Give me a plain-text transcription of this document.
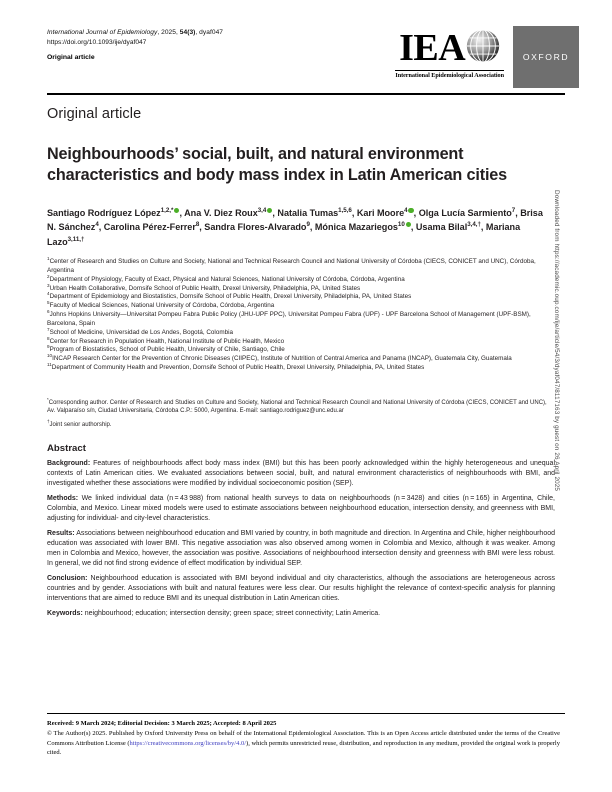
International Journal of Epidemiology, 2025, 54(3), dyaf047
https://doi.org/10.1093/ije/dyaf047
Original article	IEA
International Epidemiological Association
OXFORD
Original article
Neighbourhoods’ social, built, and natural environment characteristics and body mass index in Latin American cities
Santiago Rodríguez López$^{1,2,*}$ , Ana V. Diez Roux$^{3,4}$ , Natalia Tumas$^{1,5,6}$, Kari Moore$^4$ , Olga Lucía Sarmiento$^7$, Brisa N. Sánchez$^4$, Carolina Pérez-Ferrer$^8$, Sandra Flores-Alvarado$^9$, Mónica Mazariegos$^{10}$ , Usama Bilal$^{3,4,\dagger}$, Mariana Lazo$^{3,11,\dagger}$
$^1$Center of Research and Studies on Culture and Society, National and Technical Research Council and National University of Córdoba (CIECS, CONICET and UNC), Córdoba, Argentina
$^2$Department of Physiology, Faculty of Exact, Physical and Natural Sciences, National University of Córdoba, Córdoba, Argentina
$^3$Urban Health Collaborative, Dornsife School of Public Health, Drexel University, Philadelphia, PA, United States
$^4$Department of Epidemiology and Biostatistics, Dornsife School of Public Health, Drexel University, Philadelphia, PA, United States
$^5$Faculty of Medical Sciences, National University of Córdoba, Córdoba, Argentina
$^6$Johns Hopkins University—Universitat Pompeu Fabra Public Policy (JHU-UPF PPC), Universitat Pompeu Fabra (UPF) - UPF Barcelona School of Management (UPF-BSM), Barcelona, Spain
$^7$School of Medicine, Universidad de Los Andes, Bogotá, Colombia
$^8$Center for Research in Population Health, National Institute of Public Health, Mexico
$^9$Program of Biostatistics, School of Public Health, University of Chile, Santiago, Chile
$^{10}$INCAP Research Center for the Prevention of Chronic Diseases (CIIPEC), Institute of Nutrition of Central America and Panama (INCAP), Guatemala City, Guatemala
$^{11}$Department of Community Health and Prevention, Dornsife School of Public Health, Drexel University, Philadelphia, PA, United States
*Corresponding author. Center of Research and Studies on Culture and Society, National and Technical Research Council and National University of Córdoba (CIECS, CONICET and UNC), Av. Valparaíso s/n, Ciudad Universitaria, Córdoba C.P.: 5000, Argentina. E-mail: santiago.rodriguez@unc.edu.ar
†Joint senior authorship.
Abstract

Background: Features of neighbourhoods affect body mass index (BMI) but this has been poorly acknowledged within the highly heterogeneous and unequal contexts of Latin American cities. We evaluated associations between social, built, and natural environment characteristics of neighbourhoods with BMI, and investigated whether these associations were modified by individual socioeconomic position (SEP).

Methods: We linked individual data (n = 43 988) from national health surveys to data on neighbourhoods (n = 3428) and cities (n = 165) in Argentina, Chile, Colombia, and Mexico. Linear mixed models were used to estimate associations between neighbourhood education, intersection density, and greenness with BMI, adjusting for individual- and city-level characteristics.

Results: Associations between neighbourhood education and BMI varied by country, in both magnitude and direction. In Argentina and Chile, higher neighbourhood education was associated with lower BMI. This negative association was also observed among women in Colombia and Mexico, although it was weaker. Among men in Colombia and Mexico, however, the association was positive. Associations of neighbourhood intersection density and greenness with BMI were less robust. In general, we did not find strong evidence of effect modification by individual SEP.

Conclusion: Neighbourhood education is associated with BMI beyond individual and city characteristics, although the associations are heterogeneous across countries and by gender. Associations with built and natural features were less clear. Our results highlight the relevance of context-specific analysis for planning interventions that are aimed to reduce BMI and its unequal distribution in Latin American cities.

Keywords: neighbourhood; education; intersection density; green space; street connectivity; Latin America.

Received: 9 March 2024; Editorial Decision: 3 March 2025; Accepted: 8 April 2025

© The Author(s) 2025. Published by Oxford University Press on behalf of the International Epidemiological Association. This is an Open Access article distributed under the terms of the Creative Commons Attribution License (https://creativecommons.org/licenses/by/4.0/), which permits unrestricted reuse, distribution, and reproduction in any medium, provided the original work is properly cited.

Downloaded from https://academic.oup.com/ije/article/54/3/dyaf047/8117163 by guest on 26 April 2025
